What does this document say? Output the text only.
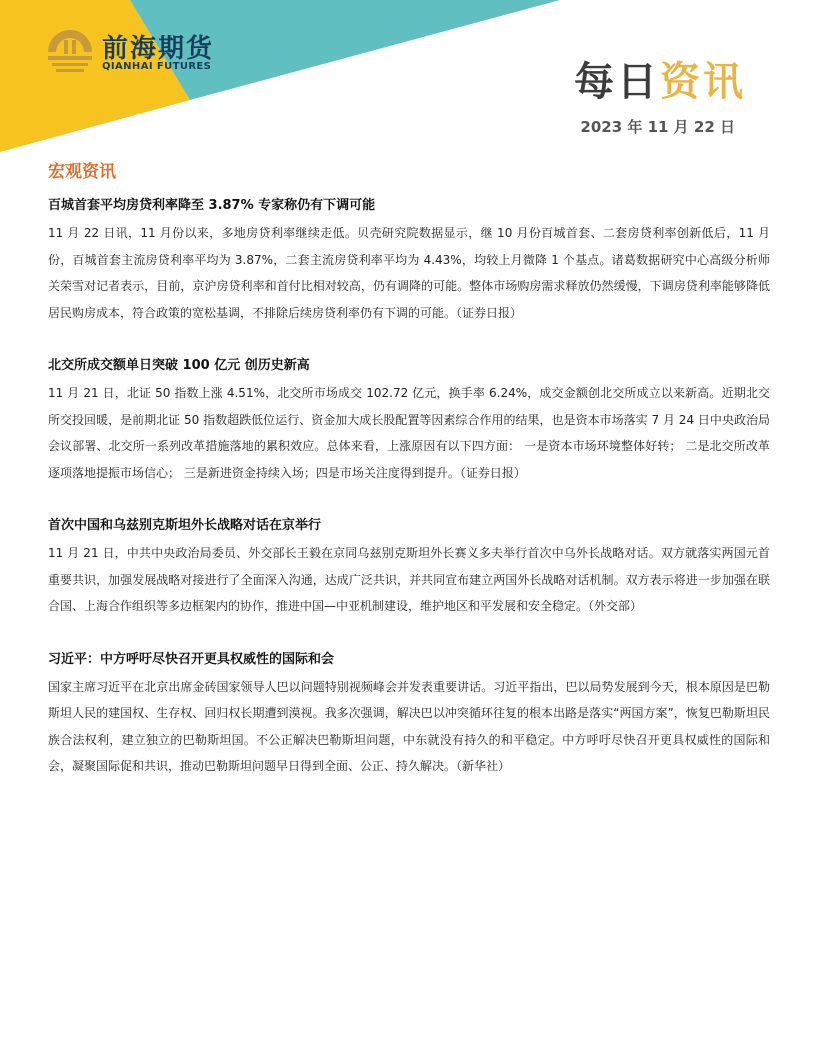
前海期货
QIANHAI FUTURES	每日资讯
2023 年 11 月 22 日
宏观资讯
百城首套平均房贷利率降至 3.87% 专家称仍有下调可能

11 月 22 日讯，11 月份以来，多地房贷利率继续走低。贝壳研究院数据显示，继 10 月份百城首套、二套房贷利率创新低后，11 月份，百城首套主流房贷利率平均为 3.87%，二套主流房贷利率平均为 4.43%，均较上月微降 1 个基点。诸葛数据研究中心高级分析师关荣雪对记者表示，目前，京沪房贷利率和首付比相对较高，仍有调降的可能。整体市场购房需求释放仍然缓慢，下调房贷利率能够降低居民购房成本，符合政策的宽松基调，不排除后续房贷利率仍有下调的可能。（证券日报）

北交所成交额单日突破 100 亿元 创历史新高

11 月 21 日，北证 50 指数上涨 4.51%，北交所市场成交 102.72 亿元，换手率 6.24%，成交金额创北交所成立以来新高。近期北交所交投回暖，是前期北证 50 指数超跌低位运行、资金加大成长股配置等因素综合作用的结果，也是资本市场落实 7 月 24 日中央政治局会议部署、北交所一系列改革措施落地的累积效应。总体来看，上涨原因有以下四方面： 一是资本市场环境整体好转； 二是北交所改革逐项落地提振市场信心； 三是新进资金持续入场；四是市场关注度得到提升。（证券日报）

首次中国和乌兹别克斯坦外长战略对话在京举行

11 月 21 日，中共中央政治局委员、外交部长王毅在京同乌兹别克斯坦外长赛义多夫举行首次中乌外长战略对话。双方就落实两国元首重要共识，加强发展战略对接进行了全面深入沟通，达成广泛共识，并共同宣布建立两国外长战略对话机制。双方表示将进一步加强在联合国、上海合作组织等多边框架内的协作，推进中国—中亚机制建设，维护地区和平发展和安全稳定。（外交部）

习近平：中方呼吁尽快召开更具权威性的国际和会

国家主席习近平在北京出席金砖国家领导人巴以问题特别视频峰会并发表重要讲话。习近平指出，巴以局势发展到今天，根本原因是巴勒斯坦人民的建国权、生存权、回归权长期遭到漠视。我多次强调，解决巴以冲突循环往复的根本出路是落实“两国方案”，恢复巴勒斯坦民族合法权利，建立独立的巴勒斯坦国。不公正解决巴勒斯坦问题，中东就没有持久的和平稳定。中方呼吁尽快召开更具权威性的国际和会，凝聚国际促和共识，推动巴勒斯坦问题早日得到全面、公正、持久解决。（新华社）
